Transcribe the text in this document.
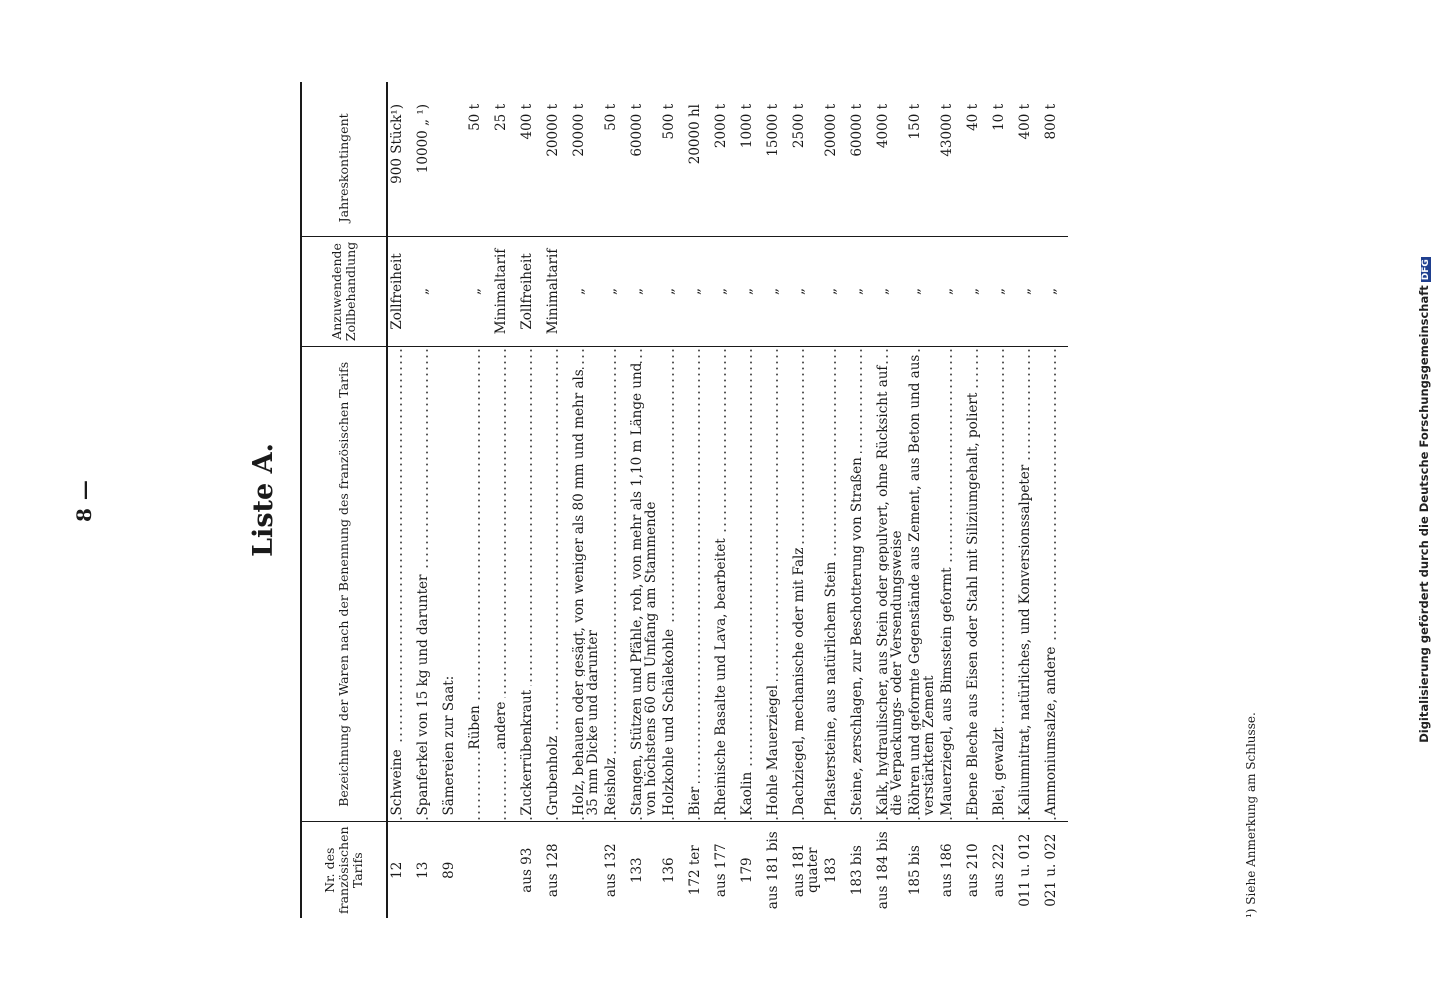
8—	Liste A.
Nr. des französischen Tarifs	Bezeichnung der Waren nach der Benennung des französischen Tarifs	Anzuwendende Zollbehandlung	Jahreskontingent
12	Schweine	Zollfreiheit	900 Stück¹)
13	Spanferkel von 15 kg und darunter	„	10000 „ ¹)
89	Sämereien zur Saat:		
	Rüben	„	50 t
	andere	Minimaltarif	25 t
aus 93	Zuckerrübenkraut	Zollfreiheit	400 t
aus 128	Grubenholz	Minimaltarif	20000 t
	Holz, behauen oder gesägt, von weniger als 80 mm und mehr als 35 mm Dicke und darunter	„	20000 t
aus 132	Reisholz	„	50 t
133	Stangen, Stützen und Pfähle, roh, von mehr als 1,10 m Länge und von höchstens 60 cm Umfang am Stammende	„	60000 t
136	Holzkohle und Schälekohle	„	500 t
172 ter	Bier	„	20000 hl
aus 177	Rheinische Basalte und Lava, bearbeitet	„	2000 t
179	Kaolin	„	1000 t
aus 181 bis	Hohle Mauerziegel	„	15000 t
aus 181 quater	Dachziegel, mechanische oder mit Falz	„	2500 t
183	Pflastersteine, aus natürlichem Stein	„	20000 t
183 bis	Steine, zerschlagen, zur Beschotterung von Straßen	„	60000 t
aus 184 bis	Kalk, hydraulischer, aus Stein oder gepulvert, ohne Rücksicht auf die Verpackungs- oder Versendungsweise	„	4000 t
185 bis	Röhren und geformte Gegenstände aus Zement, aus Beton und aus verstärktem Zement	„	150 t
aus 186	Mauerziegel, aus Bimsstein geformt	„	43000 t
aus 210	Ebene Bleche aus Eisen oder Stahl mit Siliziumgehalt, poliert	„	40 t
aus 222	Blei, gewalzt	„	10 t
011 u. 012	Kaliumnitrat, natürliches, und Konversionssalpeter	„	400 t
021 u. 022	Ammoniumsalze, andere	„	800 t
¹) Siehe Anmerkung am Schlusse.
Digitalisierung gefördert durch die Deutsche ForschungsgemeinschaftDFG
